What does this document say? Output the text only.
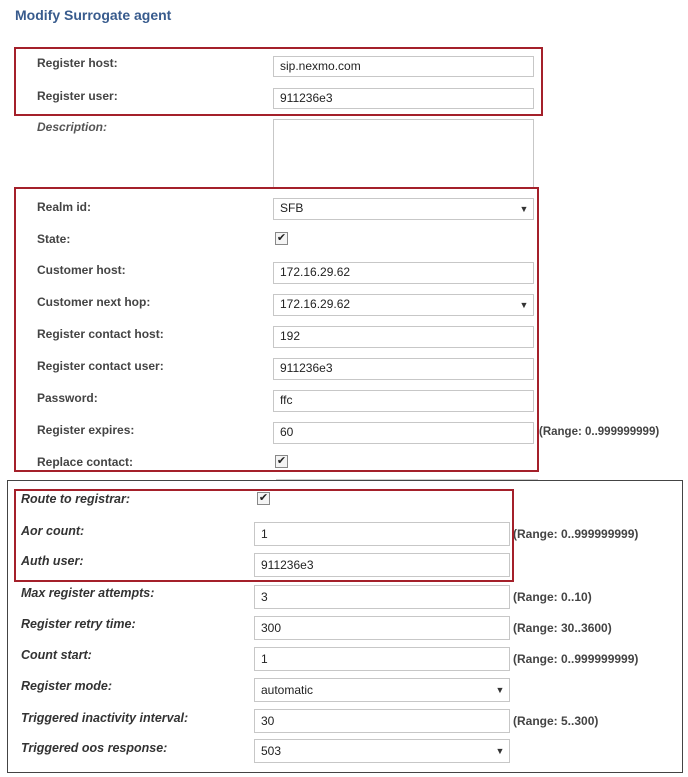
Modify Surrogate agent
Register host:	sip.nexmo.com
Register user:	911236e3
Description:
Realm id:	SFB	▼
State:	✔
Customer host:	172.16.29.62
Customer next hop:	172.16.29.62	▼
Register contact host:	192
Register contact user:	911236e3
Password:	ffc
Register expires:	60	(Range: 0..999999999)
Replace contact:	✔
Route to registrar:	✔
Aor count:	1	(Range: 0..999999999)
Auth user:	911236e3
Max register attempts:	3	(Range: 0..10)
Register retry time:	300	(Range: 30..3600)
Count start:	1	(Range: 0..999999999)
Register mode:	automatic	▼
Triggered inactivity interval:	30	(Range: 5..300)
Triggered oos response:	503	▼
